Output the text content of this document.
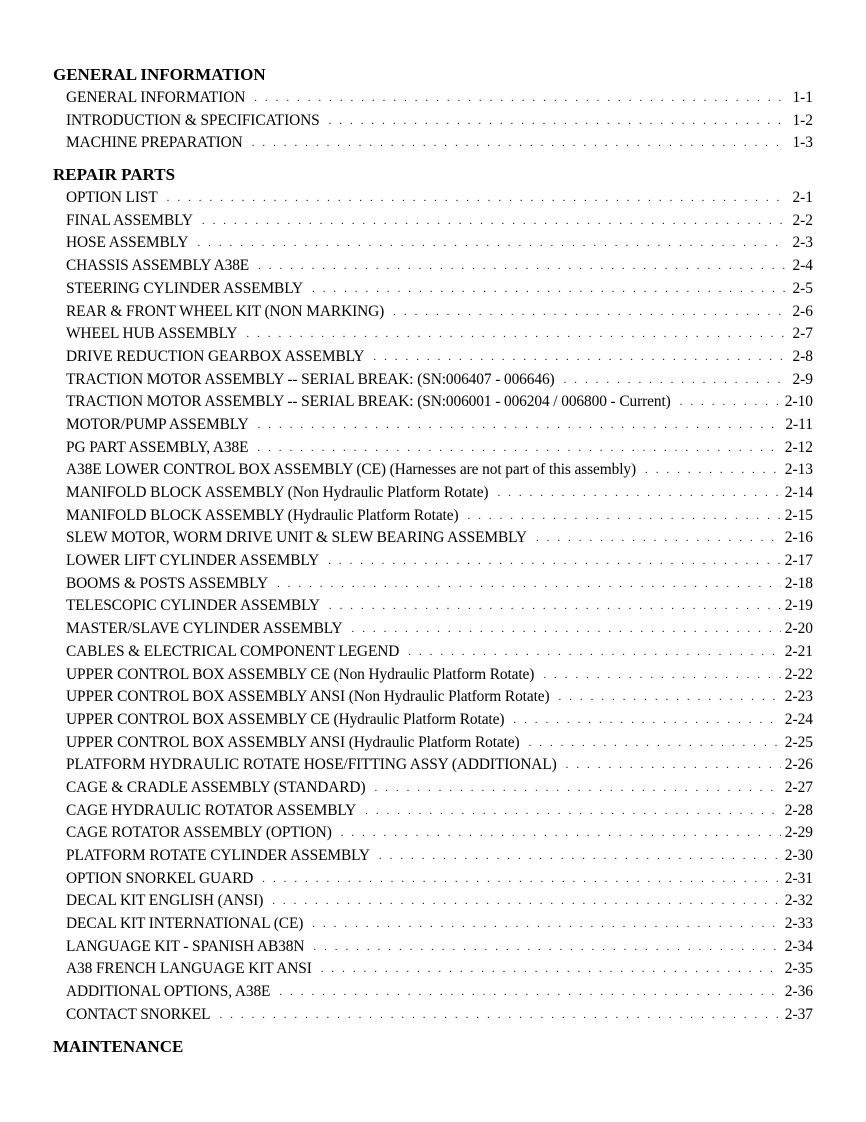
GENERAL INFORMATION
GENERAL INFORMATION . . .	1-1
INTRODUCTION & SPECIFICATIONS . . .	1-2
MACHINE PREPARATION . . .	1-3
REPAIR PARTS
OPTION LIST . . .	2-1
FINAL ASSEMBLY . . .	2-2
HOSE ASSEMBLY . . .	2-3
CHASSIS ASSEMBLY A38E . . .	2-4
STEERING CYLINDER ASSEMBLY . . .	2-5
REAR & FRONT WHEEL KIT (NON MARKING) . . .	2-6
WHEEL HUB ASSEMBLY . . .	2-7
DRIVE REDUCTION GEARBOX ASSEMBLY . . .	2-8
TRACTION MOTOR ASSEMBLY -- SERIAL BREAK: (SN:006407 - 006646) . . .	2-9
TRACTION MOTOR ASSEMBLY -- SERIAL BREAK: (SN:006001 - 006204 / 006800 - Current) . . .	2-10
MOTOR/PUMP ASSEMBLY . . .	2-11
PG PART ASSEMBLY, A38E . . .	2-12
A38E LOWER CONTROL BOX ASSEMBLY (CE) (Harnesses are not part of this assembly) . . .	2-13
MANIFOLD BLOCK ASSEMBLY (Non Hydraulic Platform Rotate) . . .	2-14
MANIFOLD BLOCK ASSEMBLY (Hydraulic Platform Rotate) . . .	2-15
SLEW MOTOR, WORM DRIVE UNIT & SLEW BEARING ASSEMBLY . . .	2-16
LOWER LIFT CYLINDER ASSEMBLY . . .	2-17
BOOMS & POSTS ASSEMBLY . . .	2-18
TELESCOPIC CYLINDER ASSEMBLY . . .	2-19
MASTER/SLAVE CYLINDER ASSEMBLY . . .	2-20
CABLES & ELECTRICAL COMPONENT LEGEND . . .	2-21
UPPER CONTROL BOX ASSEMBLY CE (Non Hydraulic Platform Rotate) . . .	2-22
UPPER CONTROL BOX ASSEMBLY ANSI (Non Hydraulic Platform Rotate) . . .	2-23
UPPER CONTROL BOX ASSEMBLY CE (Hydraulic Platform Rotate) . . .	2-24
UPPER CONTROL BOX ASSEMBLY ANSI (Hydraulic Platform Rotate) . . .	2-25
PLATFORM HYDRAULIC ROTATE HOSE/FITTING ASSY (ADDITIONAL) . . .	2-26
CAGE & CRADLE ASSEMBLY (STANDARD) . . .	2-27
CAGE HYDRAULIC ROTATOR ASSEMBLY . . .	2-28
CAGE ROTATOR ASSEMBLY (OPTION) . . .	2-29
PLATFORM ROTATE CYLINDER ASSEMBLY . . .	2-30
OPTION SNORKEL GUARD . . .	2-31
DECAL KIT ENGLISH (ANSI) . . .	2-32
DECAL KIT INTERNATIONAL (CE) . . .	2-33
LANGUAGE KIT - SPANISH AB38N . . .	2-34
A38 FRENCH LANGUAGE KIT ANSI . . .	2-35
ADDITIONAL OPTIONS, A38E . . .	2-36
CONTACT SNORKEL . . .	2-37
MAINTENANCE
